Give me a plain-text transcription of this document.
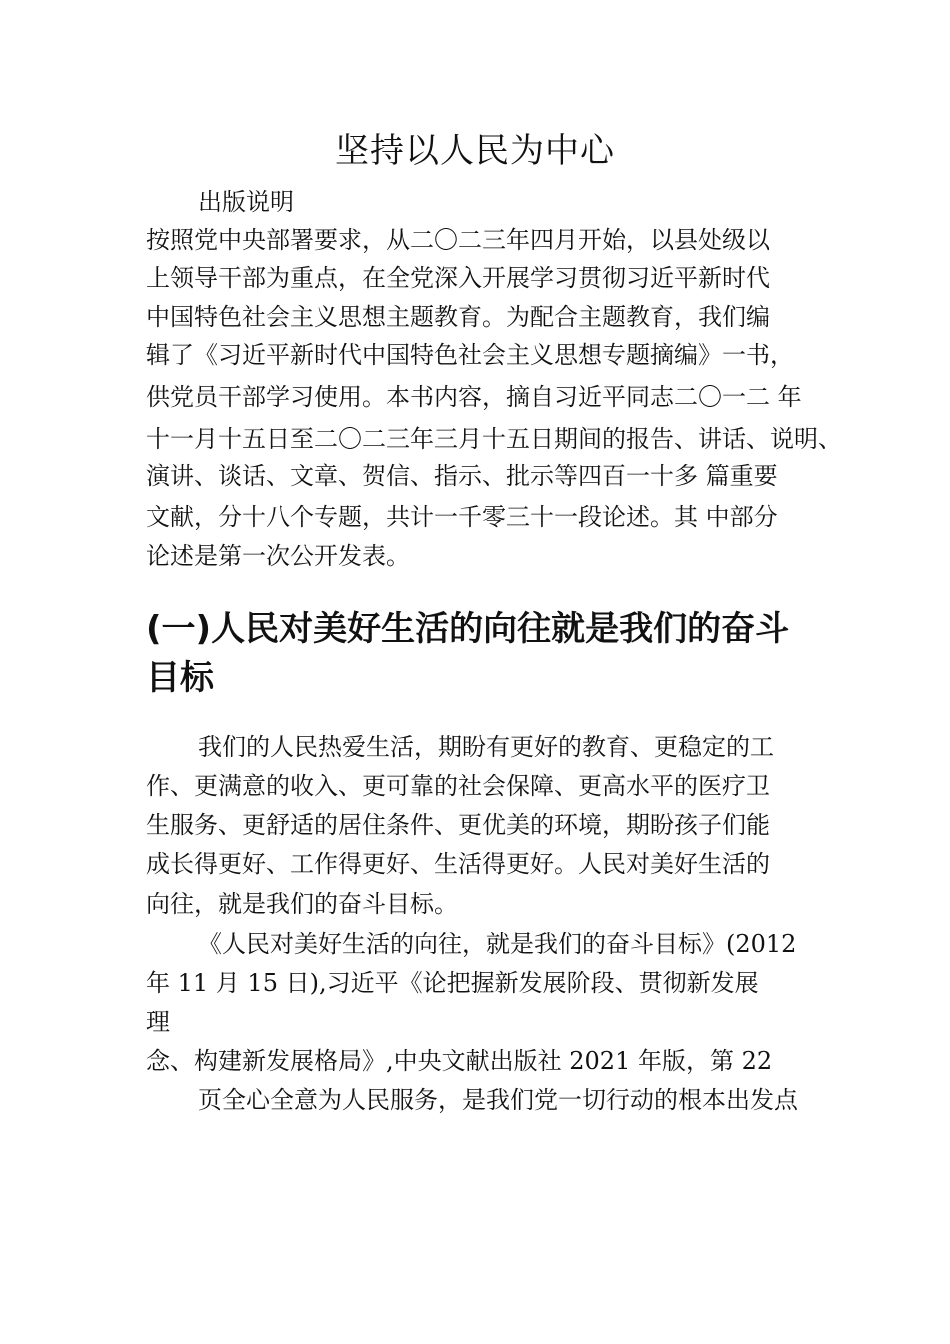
坚持以人民为中心
出版说明
按照党中央部署要求，从二〇二三年四月开始，以县处级以
上领导干部为重点，在全党深入开展学习贯彻习近平新时代
中国特色社会主义思想主题教育。为配合主题教育，我们编
辑了《习近平新时代中国特色社会主义思想专题摘编》一书，
供党员干部学习使用。本书内容，摘自习近平同志二〇一二 年
十一月十五日至二〇二三年三月十五日期间的报告、讲话、说明、
演讲、谈话、文章、贺信、指示、批示等四百一十多 篇重要
文献，分十八个专题，共计一千零三十一段论述。其 中部分
论述是第一次公开发表。
(一)人民对美好生活的向往就是我们的奋斗
目标
我们的人民热爱生活，期盼有更好的教育、更稳定的工
作、更满意的收入、更可靠的社会保障、更高水平的医疗卫
生服务、更舒适的居住条件、更优美的环境，期盼孩子们能
成长得更好、工作得更好、生活得更好。人民对美好生活的
向往，就是我们的奋斗目标。
《人民对美好生活的向往，就是我们的奋斗目标》(2012
年 11 月 15 日),习近平《论把握新发展阶段、贯彻新发展
理
念、构建新发展格局》,中央文献出版社 2021 年版，第 22
页全心全意为人民服务，是我们党一切行动的根本出发点
